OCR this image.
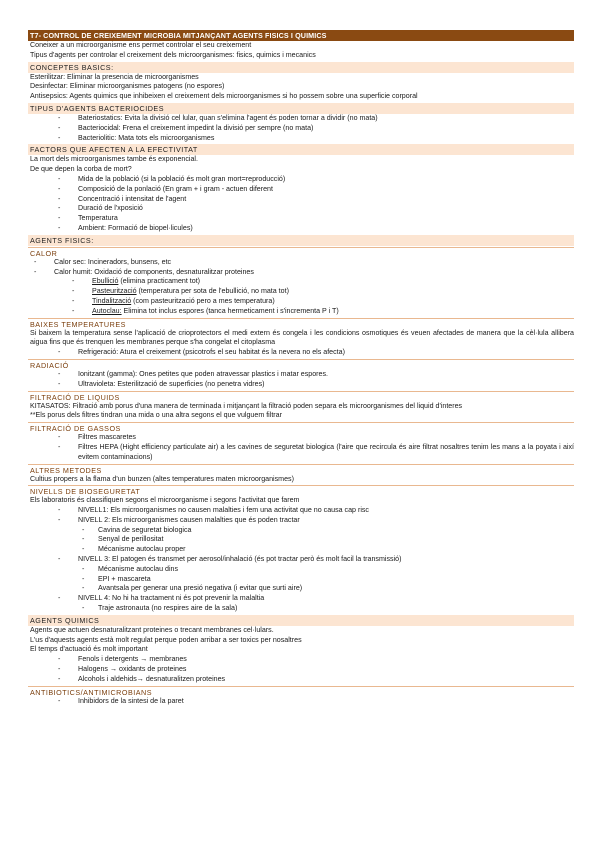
T7- CONTROL DE CREIXEMENT MICROBIA MITJANÇANT AGENTS FISICS I QUIMICS
Coneixer a un microorganisme ens permet controlar el seu creixement
Tipus d'agents per controlar el creixement dels microorganismes: fisics, quimics i mecanics
CONCEPTES BASICS:
Esterilitzar: Eliminar la presencia de microorganismes
Desinfectar: Eliminar microorganismes patogens (no espores)
Antisepsics: Agents quimics que inhibeixen el creixement dels microorganismes si ho possem sobre una superficie corporal
TIPUS D'AGENTS BACTERIOCIDES
- Bateriostatics: Evita la divisió cel lular, quan s'elimina l'agent és poden tornar a dividir (no mata)
- Bacteriocidal: Frena el creixement impedint la divisió per sempre (no mata)
- Bacteriolitic: Mata tots els microorganismes
FACTORS QUE AFECTEN A LA EFECTIVITAT
La mort dels microorganismes tambe és exponencial.
De que depen la corba de mort?
- Mida de la població (si la població és molt gran mort=reproducció)
- Composició de la ponlació (En gram + i gram - actuen diferent
- Concentració i intensitat de l'agent
- Duració de l'xposició
- Temperatura
- Ambient: Formació de biopel·licules)
AGENTS FISICS:
CALOR
- Calor sec: Incineradors, bunsens, etc
- Calor humit: Oxidació de components, desnaturalitzar proteines
- Ebullició (elimina practicament tot)
- Pasteurització (temperatura per sota de l'ebullició, no mata tot)
- Tindalització (com pasteurització pero a mes temperatura)
- Autoclau: Elimina tot inclus espores (tanca hermeticament i s'incrementa P i T)
BAIXES TEMPERATURES
Si baixem la temperatura sense l'aplicació de crioprotectors el medi extern és congela i les condicions osmotiques és veuen afectades de manera que la cèl·lula allibera aigua fins que és trenquen les membranes perque s'ha congelat el citoplasma
- Refrigeració: Atura el creixement (psicotrofs el seu habitat és la nevera no els afecta)
RADIACIÓ
- Ionitzant (gamma): Ones petites que poden atravessar plastics i matar espores.
- Ultravioleta: Esterilització de superficies (no penetra vidres)
FILTRACIÓ DE LIQUIDS
KITASATOS: Filtració amb porus d'una manera de terminada i mitjançant la filtració poden separa els microorganismes del liquid d'interes
**Els porus dels filtres tindran una mida o una altra segons el que vulguem filtrar
FILTRACIÓ DE GASSOS
- Filtres mascaretes
- Filtres HEPA (Hight efficiency particulate air) a les cavines de seguretat biologica (l'aire que recircula és aire filtrat nosaltres tenim les mans a la poyata i així evitem contaminacions)
ALTRES METODES
Cultius propers a la flama d'un bunzen (altes temperatures maten microorganismes)
NIVELLS DE BIOSEGURETAT
Els laboratoris és classifiquen segons el microorganisme i segons l'activitat que farem
- NIVELL1: Els microorganismes no causen malalties i fem una activitat que no causa cap risc
- NIVELL 2: Els microorganismes causen malalties que és poden tractar
- Cavina de seguretat biologica
- Senyal de perillositat
- Mécanisme autoclau proper
- NIVELL 3: El patogen és transmet per aerosol/inhalació (és pot tractar però és molt facil la transmissió)
- Mécanisme autoclau dins
- EPI + mascareta
- Avantsala per generar una presió negativa (i evitar que surti aire)
- NIVELL 4: No hi ha tractament ni és pot prevenir la malaltia
- Traje astronauta (no respires aire de la sala)
AGENTS QUIMICS
Agents que actuen desnaturalitzant proteines o trecant membranes cel·lulars.
L'us d'aquests agents està molt regulat perque poden arribar a ser toxics per nosaltres
El temps d'actuació és molt important
- Fenols i detergents → membranes
- Halogens → oxidants de proteines
- Alcohols i aldehids→ desnaturalitzen proteines
ANTIBIOTICS/ANTIMICROBIANS
- Inhibidors de la sintesi de la paret
